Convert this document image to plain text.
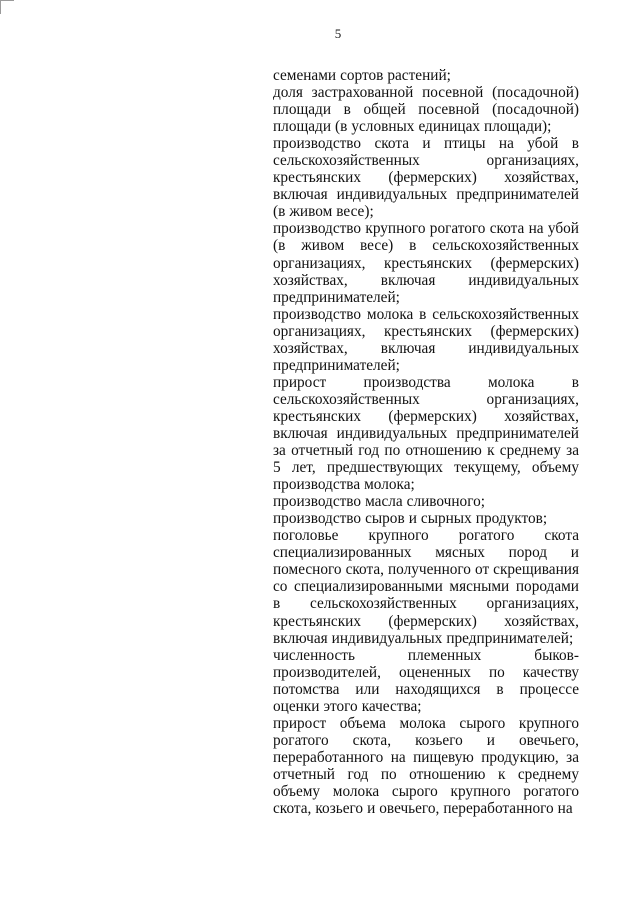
5

семенами сортов растений;

доля застрахованной посевной (посадочной) площади в общей посевной (посадочной) площади (в условных единицах площади);

производство скота и птицы на убой в сельскохозяйственных организациях, крестьянских (фермерских) хозяйствах, включая индивидуальных предпринимателей (в живом весе);

производство крупного рогатого скота на убой (в живом весе) в сельскохозяйственных организациях, крестьянских (фермерских) хозяйствах, включая индивидуальных предпринимателей;

производство молока в сельскохозяйственных организациях, крестьянских (фермерских) хозяйствах, включая индивидуальных предпринимателей;

прирост производства молока в сельскохозяйственных организациях, крестьянских (фермерских) хозяйствах, включая индивидуальных предпринимателей за отчетный год по отношению к среднему за 5 лет, предшествующих текущему, объему производства молока;

производство масла сливочного;

производство сыров и сырных продуктов;

поголовье крупного рогатого скота специализированных мясных пород и помесного скота, полученного от скрещивания со специализированными мясными породами в сельскохозяйственных организациях, крестьянских (фермерских) хозяйствах, включая индивидуальных предпринимателей;

численность племенных быков-производителей, оцененных по качеству потомства или находящихся в процессе оценки этого качества;

прирост объема молока сырого крупного рогатого скота, козьего и овечьего, переработанного на пищевую продукцию, за отчетный год по отношению к среднему объему молока сырого крупного рогатого скота, козьего и овечьего, переработанного на
